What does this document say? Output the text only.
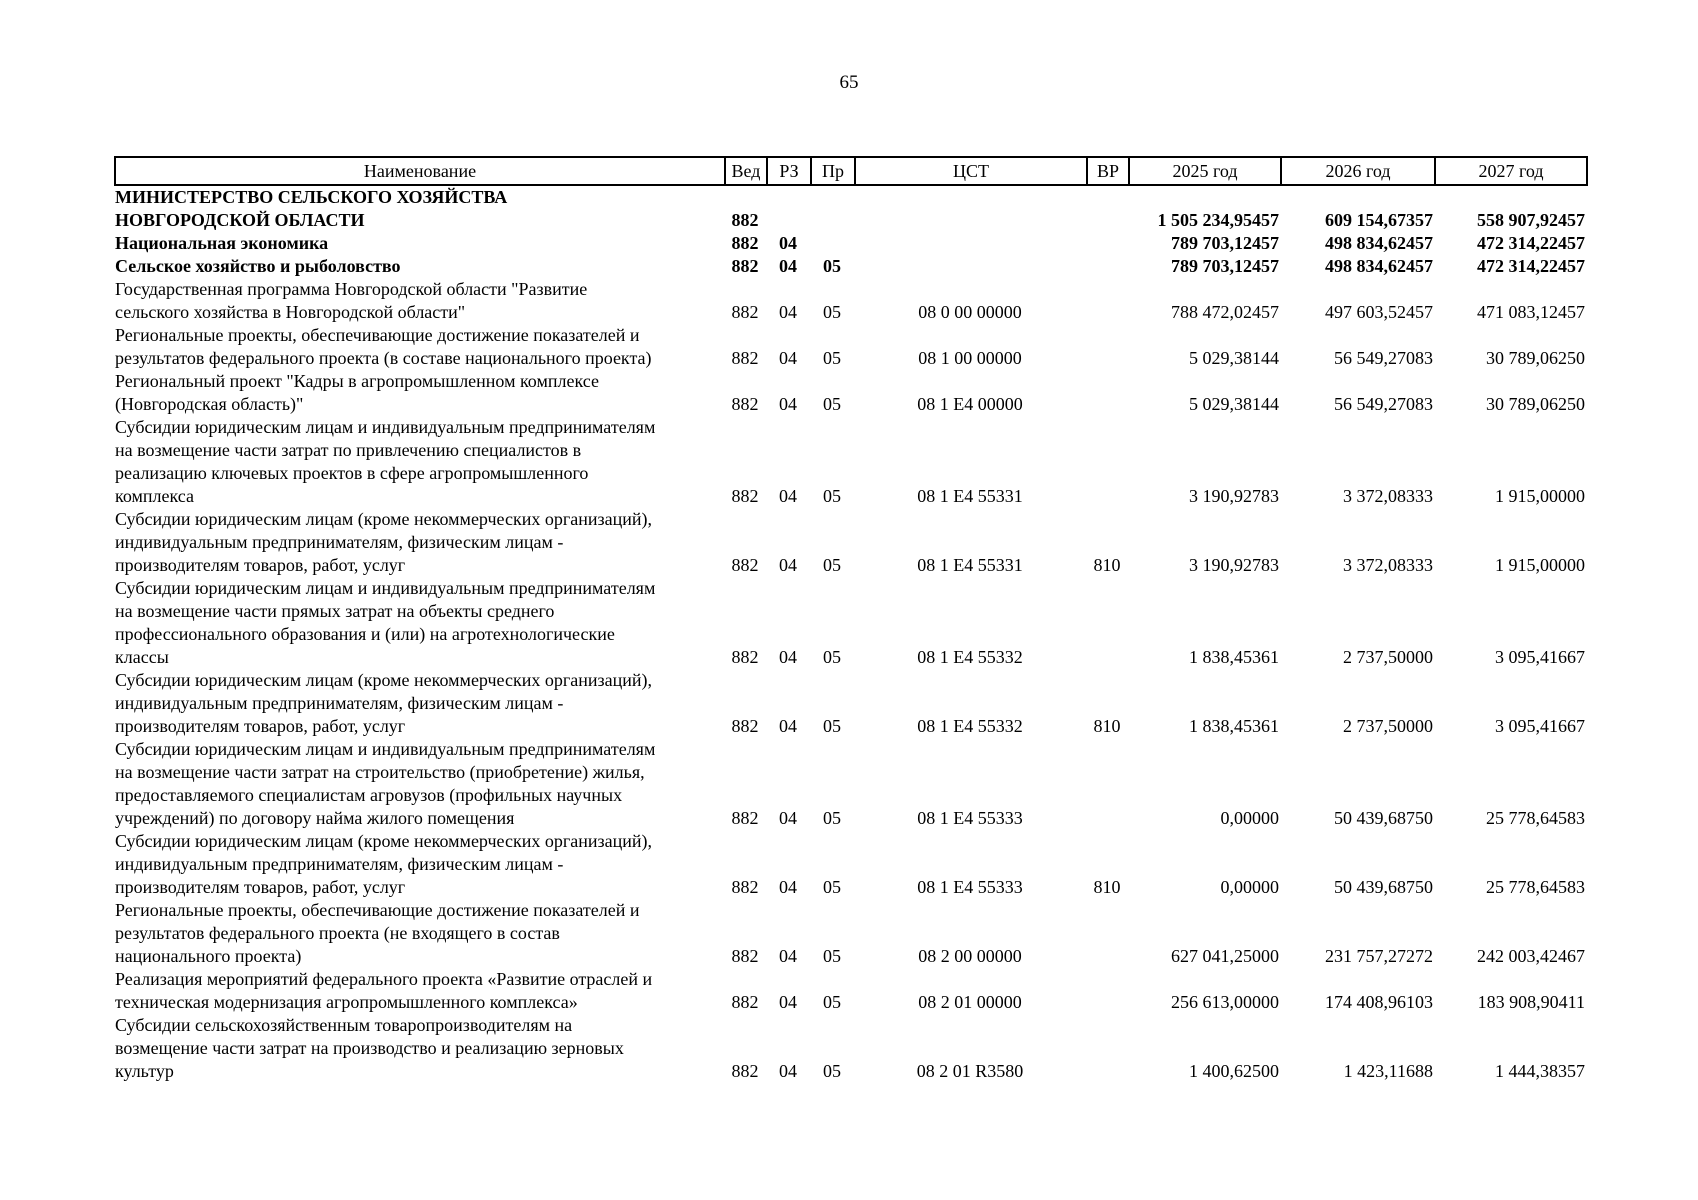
65
Наименование	Вед	РЗ	Пр	ЦСТ	ВР	2025 год	2026 год	2027 год

МИНИСТЕРСТВО СЕЛЬСКОГО ХОЗЯЙСТВА
НОВГОРОДСКОЙ ОБЛАСТИ	882					1 505 234,95457	609 154,67357	558 907,92457

Национальная экономика	882	04				789 703,12457	498 834,62457	472 314,22457

Сельское хозяйство и рыболовство	882	04	05			789 703,12457	498 834,62457	472 314,22457

Государственная программа Новгородской области "Развитие
сельского хозяйства в Новгородской области"	882	04	05	08 0 00 00000		788 472,02457	497 603,52457	471 083,12457

Региональные проекты, обеспечивающие достижение показателей и
результатов федерального проекта (в составе национального проекта)	882	04	05	08 1 00 00000		5 029,38144	56 549,27083	30 789,06250

Региональный проект "Кадры в агропромышленном комплексе
(Новгородская область)"	882	04	05	08 1 E4 00000		5 029,38144	56 549,27083	30 789,06250

Субсидии юридическим лицам и индивидуальным предпринимателям
на возмещение части затрат по привлечению специалистов в
реализацию ключевых проектов в сфере агропромышленного
комплекса	882	04	05	08 1 E4 55331		3 190,92783	3 372,08333	1 915,00000

Субсидии юридическим лицам (кроме некоммерческих организаций),
индивидуальным предпринимателям, физическим лицам -
производителям товаров, работ, услуг	882	04	05	08 1 E4 55331	810	3 190,92783	3 372,08333	1 915,00000

Субсидии юридическим лицам и индивидуальным предпринимателям
на возмещение части прямых затрат на объекты среднего
профессионального образования и (или) на агротехнологические
классы	882	04	05	08 1 E4 55332		1 838,45361	2 737,50000	3 095,41667

Субсидии юридическим лицам (кроме некоммерческих организаций),
индивидуальным предпринимателям, физическим лицам -
производителям товаров, работ, услуг	882	04	05	08 1 E4 55332	810	1 838,45361	2 737,50000	3 095,41667

Субсидии юридическим лицам и индивидуальным предпринимателям
на возмещение части затрат на строительство (приобретение) жилья,
предоставляемого специалистам агровузов (профильных научных
учреждений) по договору найма жилого помещения	882	04	05	08 1 E4 55333		0,00000	50 439,68750	25 778,64583

Субсидии юридическим лицам (кроме некоммерческих организаций),
индивидуальным предпринимателям, физическим лицам -
производителям товаров, работ, услуг	882	04	05	08 1 E4 55333	810	0,00000	50 439,68750	25 778,64583

Региональные проекты, обеспечивающие достижение показателей и
результатов федерального проекта (не входящего в состав
национального проекта)	882	04	05	08 2 00 00000		627 041,25000	231 757,27272	242 003,42467

Реализация мероприятий федерального проекта «Развитие отраслей и
техническая модернизация агропромышленного комплекса»	882	04	05	08 2 01 00000		256 613,00000	174 408,96103	183 908,90411

Субсидии сельскохозяйственным товаропроизводителям на
возмещение части затрат на производство и реализацию зерновых
культур	882	04	05	08 2 01 R3580		1 400,62500	1 423,11688	1 444,38357
